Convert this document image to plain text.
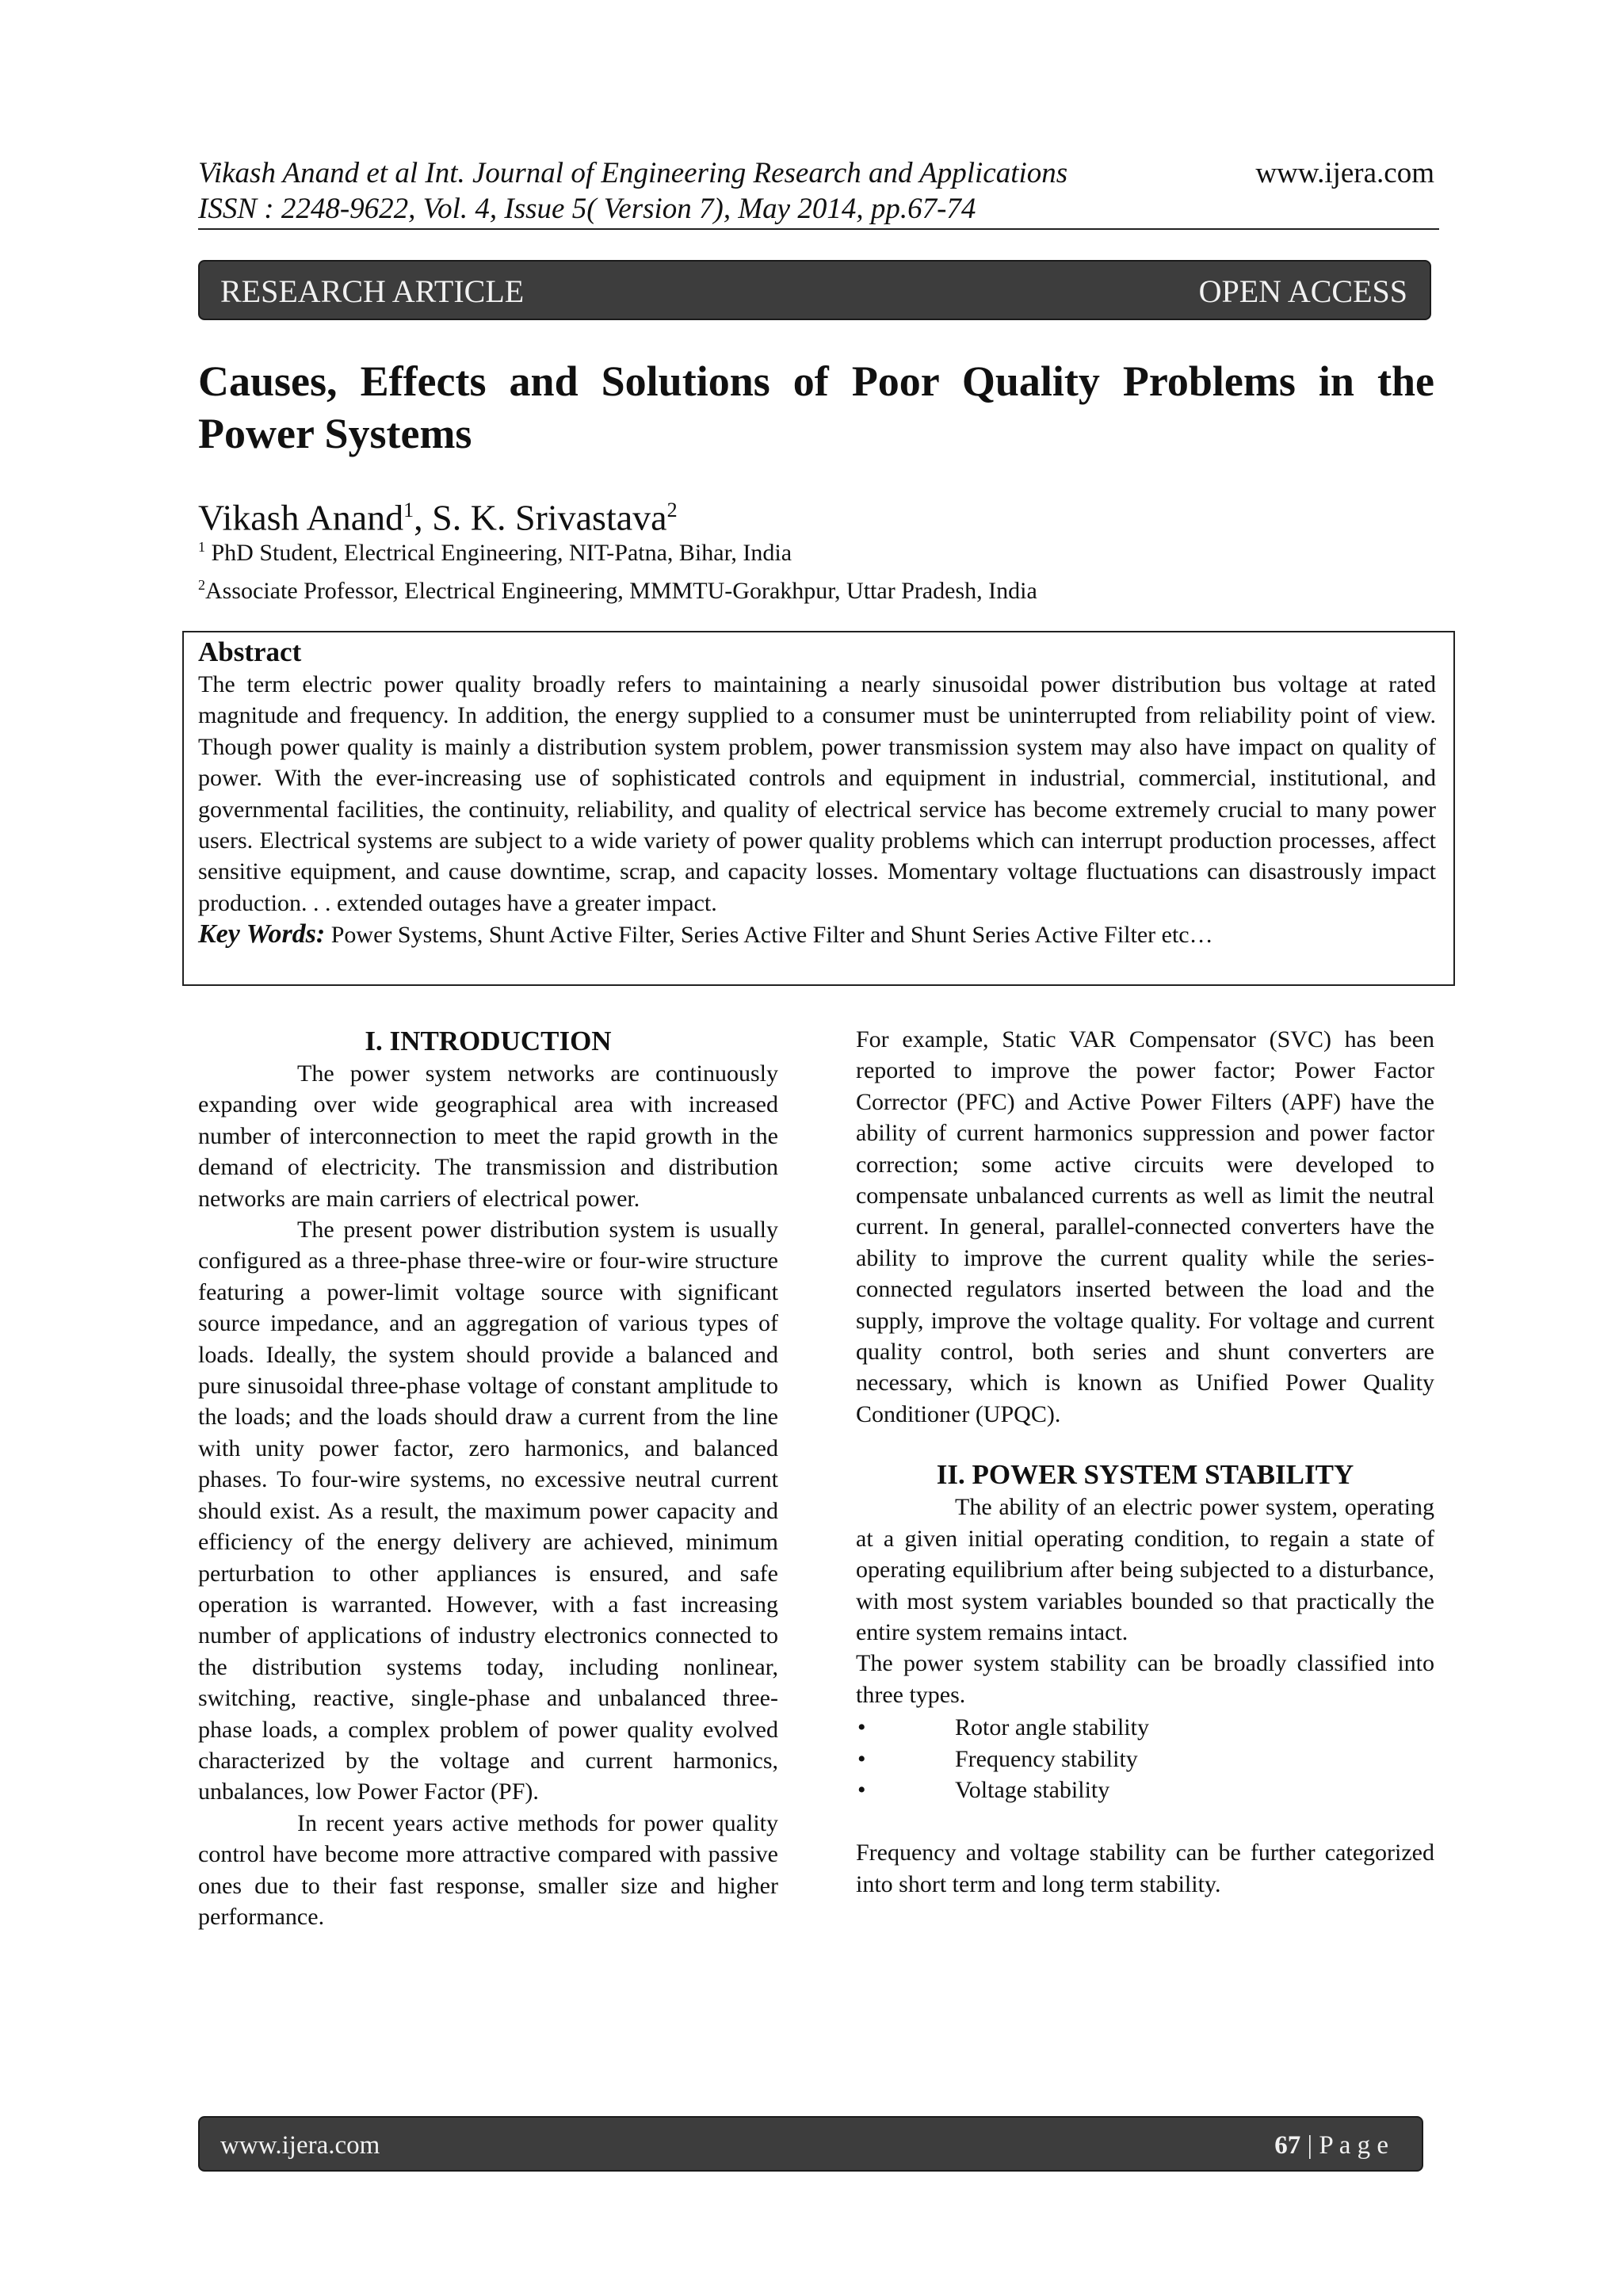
Vikash Anand et al Int. Journal of Engineering Research and Applications
ISSN : 2248-9622, Vol. 4, Issue 5( Version 7), May 2014, pp.67-74
www.ijera.com
RESEARCH ARTICLE	OPEN ACCESS
Causes, Effects and Solutions of Poor Quality Problems in the Power Systems
Vikash Anand$^1$, S. K. Srivastava$^2$
$^1$ PhD Student, Electrical Engineering, NIT-Patna, Bihar, India
$^2$Associate Professor, Electrical Engineering, MMMTU-Gorakhpur, Uttar Pradesh, India
Abstract
The term electric power quality broadly refers to maintaining a nearly sinusoidal power distribution bus voltage at rated magnitude and frequency. In addition, the energy supplied to a consumer must be uninterrupted from reliability point of view. Though power quality is mainly a distribution system problem, power transmission system may also have impact on quality of power. With the ever-increasing use of sophisticated controls and equipment in industrial, commercial, institutional, and governmental facilities, the continuity, reliability, and quality of electrical service has become extremely crucial to many power users. Electrical systems are subject to a wide variety of power quality problems which can interrupt production processes, affect sensitive equipment, and cause downtime, scrap, and capacity losses. Momentary voltage fluctuations can disastrously impact production. . . extended outages have a greater impact.
Key Words: Power Systems, Shunt Active Filter, Series Active Filter and Shunt Series Active Filter etc…
I. INTRODUCTION

The power system networks are continuously expanding over wide geographical area with increased number of interconnection to meet the rapid growth in the demand of electricity. The transmission and distribution networks are main carriers of electrical power.

The present power distribution system is usually configured as a three-phase three-wire or four-wire structure featuring a power-limit voltage source with significant source impedance, and an aggregation of various types of loads. Ideally, the system should provide a balanced and pure sinusoidal three-phase voltage of constant amplitude to the loads; and the loads should draw a current from the line with unity power factor, zero harmonics, and balanced phases. To four-wire systems, no excessive neutral current should exist. As a result, the maximum power capacity and efficiency of the energy delivery are achieved, minimum perturbation to other appliances is ensured, and safe operation is warranted. However, with a fast increasing number of applications of industry electronics connected to the distribution systems today, including nonlinear, switching, reactive, single-phase and unbalanced three-phase loads, a complex problem of power quality evolved characterized by the voltage and current harmonics, unbalances, low Power Factor (PF).

In recent years active methods for power quality control have become more attractive compared with passive ones due to their fast response, smaller size and higher performance.

For example, Static VAR Compensator (SVC) has been reported to improve the power factor; Power Factor Corrector (PFC) and Active Power Filters (APF) have the ability of current harmonics suppression and power factor correction; some active circuits were developed to compensate unbalanced currents as well as limit the neutral current. In general, parallel-connected converters have the ability to improve the current quality while the series-connected regulators inserted between the load and the supply, improve the voltage quality. For voltage and current quality control, both series and shunt converters are necessary, which is known as Unified Power Quality Conditioner (UPQC).

II. POWER SYSTEM STABILITY

The ability of an electric power system, operating at a given initial operating condition, to regain a state of operating equilibrium after being subjected to a disturbance, with most system variables bounded so that practically the entire system remains intact.

The power system stability can be broadly classified into three types.

•	Rotor angle stability
•	Frequency stability
•	Voltage stability

Frequency and voltage stability can be further categorized into short term and long term stability.

www.ijera.com	67 | P a g e
